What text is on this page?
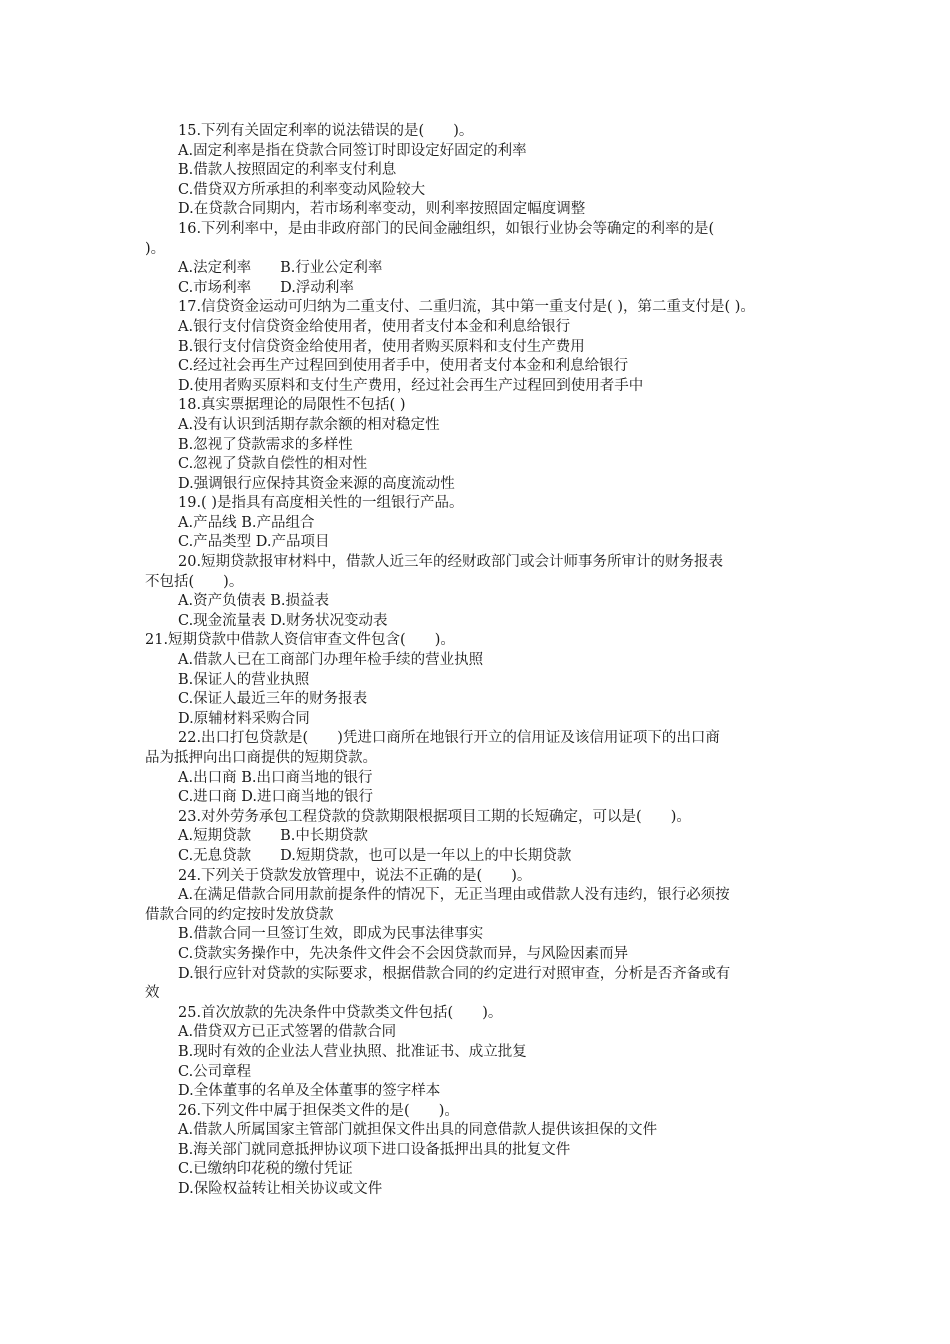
15.下列有关固定利率的说法错误的是(　　)。
A.固定利率是指在贷款合同签订时即设定好固定的利率
B.借款人按照固定的利率支付利息
C.借贷双方所承担的利率变动风险较大
D.在贷款合同期内，若市场利率变动，则利率按照固定幅度调整
16.下列利率中，是由非政府部门的民间金融组织，如银行业协会等确定的利率的是(
)。
A.法定利率　　B.行业公定利率
C.市场利率　　D.浮动利率
17.信贷资金运动可归纳为二重支付、二重归流，其中第一重支付是( )，第二重支付是( )。
A.银行支付信贷资金给使用者，使用者支付本金和利息给银行
B.银行支付信贷资金给使用者，使用者购买原料和支付生产费用
C.经过社会再生产过程回到使用者手中，使用者支付本金和利息给银行
D.使用者购买原料和支付生产费用，经过社会再生产过程回到使用者手中
18.真实票据理论的局限性不包括( )
A.没有认识到活期存款余额的相对稳定性
B.忽视了贷款需求的多样性
C.忽视了贷款自偿性的相对性
D.强调银行应保持其资金来源的高度流动性
19.( )是指具有高度相关性的一组银行产品。
A.产品线 B.产品组合
C.产品类型 D.产品项目
20.短期贷款报审材料中，借款人近三年的经财政部门或会计师事务所审计的财务报表
不包括(　　)。
A.资产负债表 B.损益表
C.现金流量表 D.财务状况变动表
21.短期贷款中借款人资信审查文件包含(　　)。
A.借款人已在工商部门办理年检手续的营业执照
B.保证人的营业执照
C.保证人最近三年的财务报表
D.原辅材料采购合同
22.出口打包贷款是(　　)凭进口商所在地银行开立的信用证及该信用证项下的出口商
品为抵押向出口商提供的短期贷款。
A.出口商 B.出口商当地的银行
C.进口商 D.进口商当地的银行
23.对外劳务承包工程贷款的贷款期限根据项目工期的长短确定，可以是(　　)。
A.短期贷款　　B.中长期贷款
C.无息贷款　　D.短期贷款，也可以是一年以上的中长期贷款
24.下列关于贷款发放管理中，说法不正确的是(　　)。
A.在满足借款合同用款前提条件的情况下，无正当理由或借款人没有违约，银行必须按
借款合同的约定按时发放贷款
B.借款合同一旦签订生效，即成为民事法律事实
C.贷款实务操作中，先决条件文件会不会因贷款而异，与风险因素而异
D.银行应针对贷款的实际要求，根据借款合同的约定进行对照审查，分析是否齐备或有
效
25.首次放款的先决条件中贷款类文件包括(　　)。
A.借贷双方已正式签署的借款合同
B.现时有效的企业法人营业执照、批准证书、成立批复
C.公司章程
D.全体董事的名单及全体董事的签字样本
26.下列文件中属于担保类文件的是(　　)。
A.借款人所属国家主管部门就担保文件出具的同意借款人提供该担保的文件
B.海关部门就同意抵押协议项下进口设备抵押出具的批复文件
C.已缴纳印花税的缴付凭证
D.保险权益转让相关协议或文件
